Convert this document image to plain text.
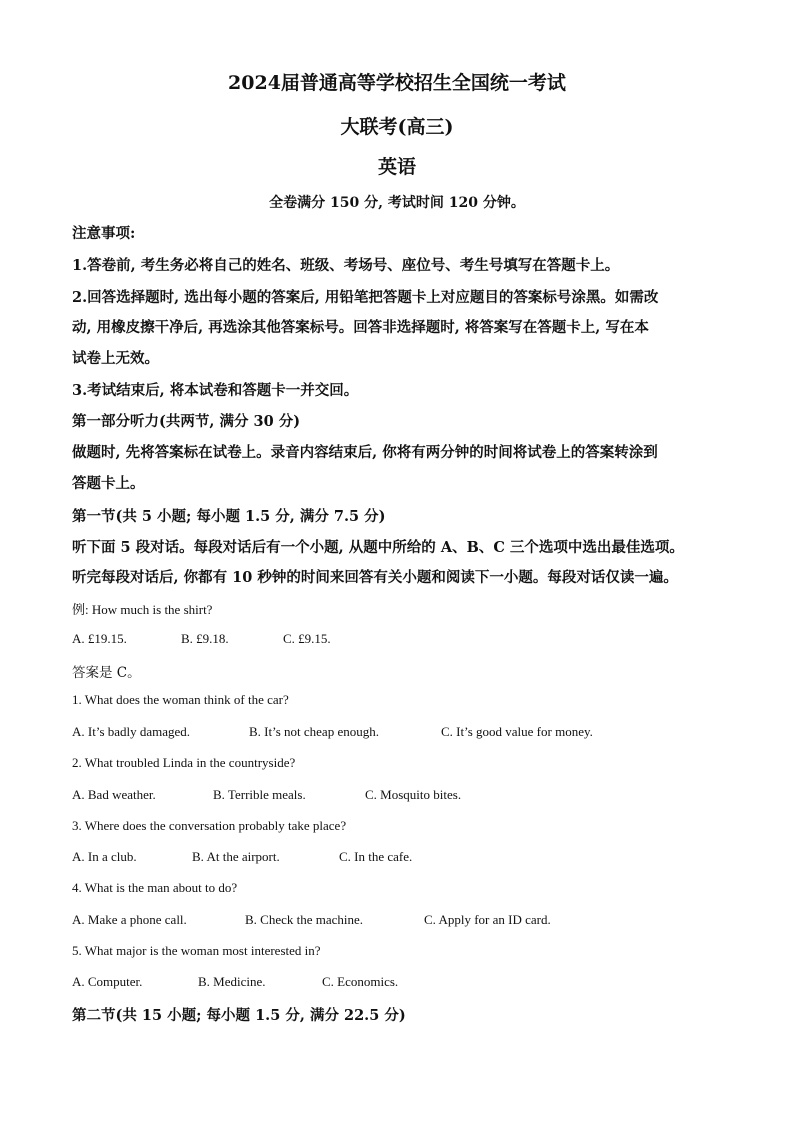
2024届普通高等学校招生全国统一考试
大联考(高三)
英语
全卷满分 150 分, 考试时间 120 分钟。
注意事项:
1.答卷前, 考生务必将自己的姓名、班级、考场号、座位号、考生号填写在答题卡上。
2.回答选择题时, 选出每小题的答案后, 用铅笔把答题卡上对应题目的答案标号涂黑。如需改
动, 用橡皮擦干净后, 再选涂其他答案标号。回答非选择题时, 将答案写在答题卡上, 写在本
试卷上无效。
3.考试结束后, 将本试卷和答题卡一并交回。
第一部分听力(共两节, 满分 30 分)
做题时, 先将答案标在试卷上。录音内容结束后, 你将有两分钟的时间将试卷上的答案转涂到
答题卡上。
第一节(共 5 小题; 每小题 1.5 分, 满分 7.5 分)
听下面 5 段对话。每段对话后有一个小题, 从题中所给的 A、B、C 三个选项中选出最佳选项。
听完每段对话后, 你都有 10 秒钟的时间来回答有关小题和阅读下一小题。每段对话仅读一遍。
例: How much is the shirt?
A. £19.15.	B. £9.18.	C. £9.15.
答案是 C。
1. What does the woman think of the car?
A. It’s badly damaged.	B. It’s not cheap enough.	C. It’s good value for money.
2. What troubled Linda in the countryside?
A. Bad weather.	B. Terrible meals.	C. Mosquito bites.
3. Where does the conversation probably take place?
A. In a club.	B. At the airport.	C. In the cafe.
4. What is the man about to do?
A. Make a phone call.	B. Check the machine.	C. Apply for an ID card.
5. What major is the woman most interested in?
A. Computer.	B. Medicine.	C. Economics.
第二节(共 15 小题; 每小题 1.5 分, 满分 22.5 分)
